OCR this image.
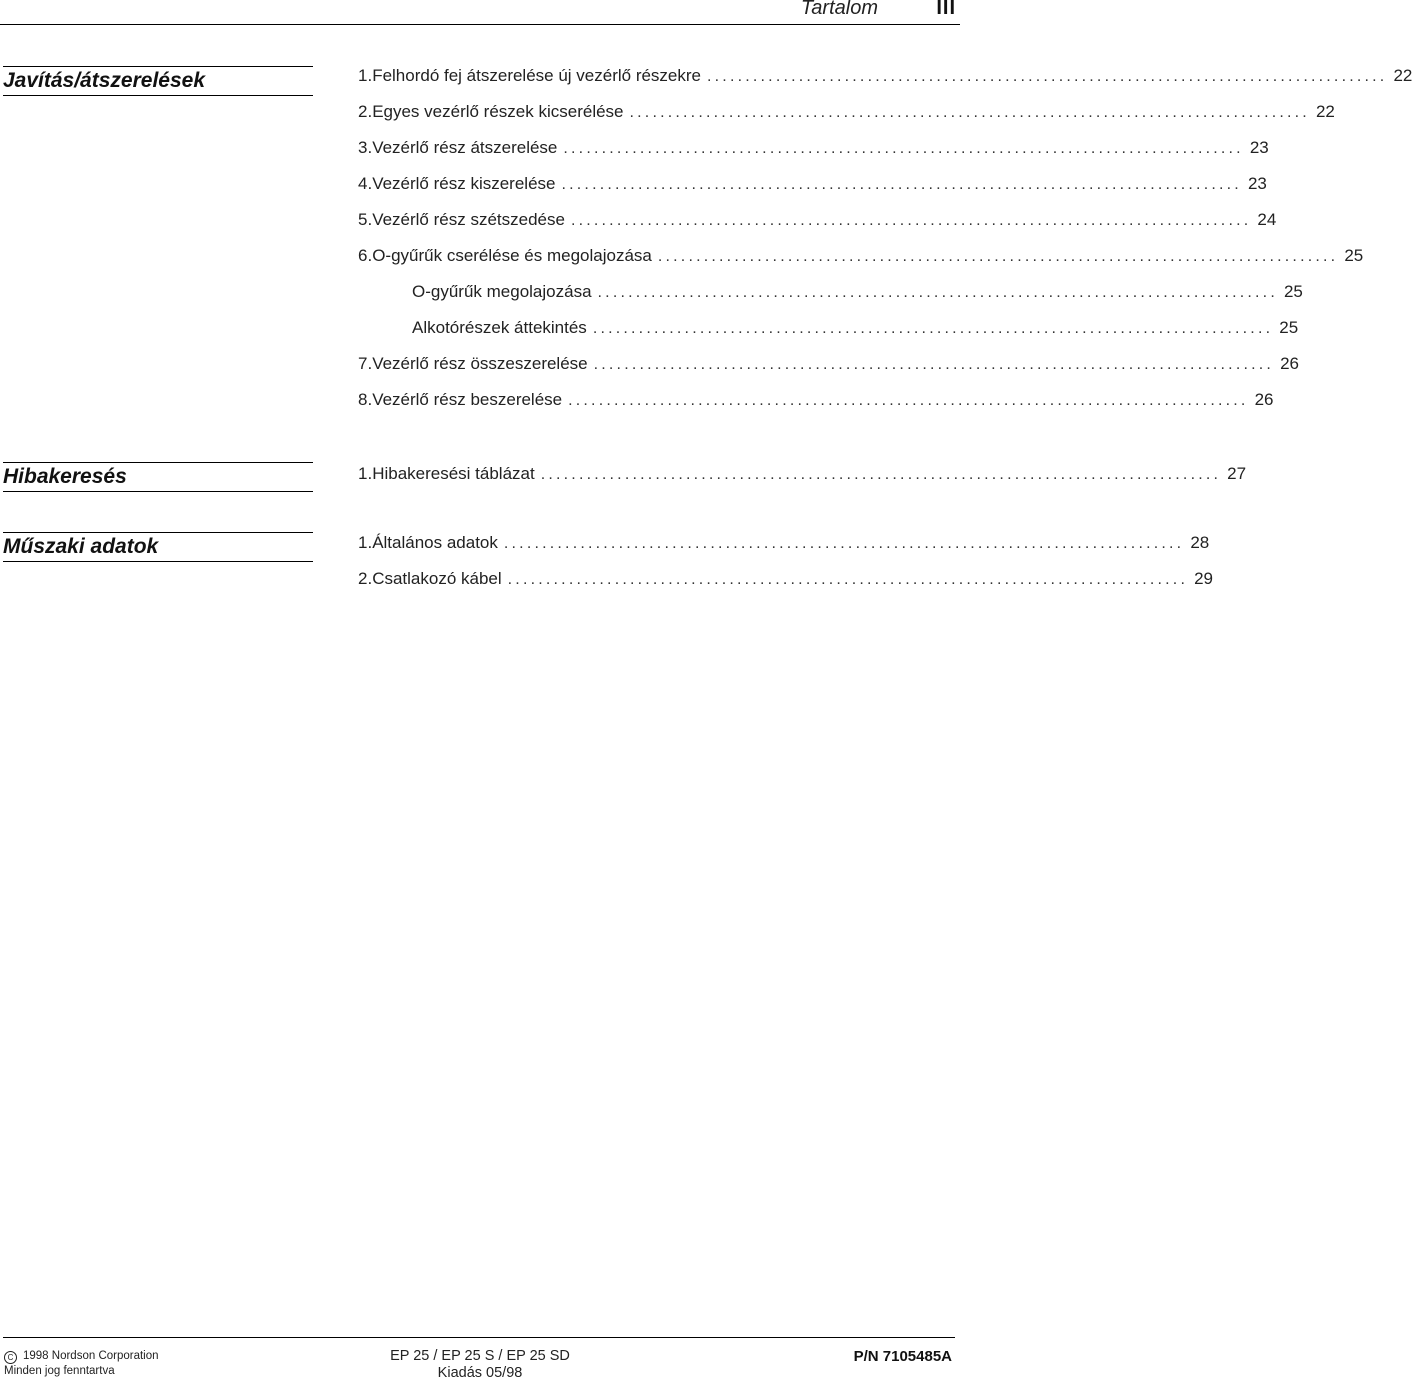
Tartalom	III
Javítás/átszerelések	1. Felhordó fej átszerelése új vezérlő részekre ......................................................................................... 22
2. Egyes vezérlő részek kicserélése ......................................................................................... 22
3. Vezérlő rész átszerelése ......................................................................................... 23
4. Vezérlő rész kiszerelése ......................................................................................... 23
5. Vezérlő rész szétszedése ......................................................................................... 24
6. O-gyűrűk cserélése és megolajozása ......................................................................................... 25
O-gyűrűk megolajozása ......................................................................................... 25
Alkotórészek áttekintés ......................................................................................... 25
7. Vezérlő rész összeszerelése ......................................................................................... 26
8. Vezérlő rész beszerelése ......................................................................................... 26
Hibakeresés	1. Hibakeresési táblázat ......................................................................................... 27
Műszaki adatok	1. Általános adatok ......................................................................................... 28
2. Csatlakozó kábel ......................................................................................... 29
C 1998 Nordson Corporation
Minden jog fenntartva
EP 25 / EP 25 S / EP 25 SD
Kiadás 05/98
P/N 7105485A
